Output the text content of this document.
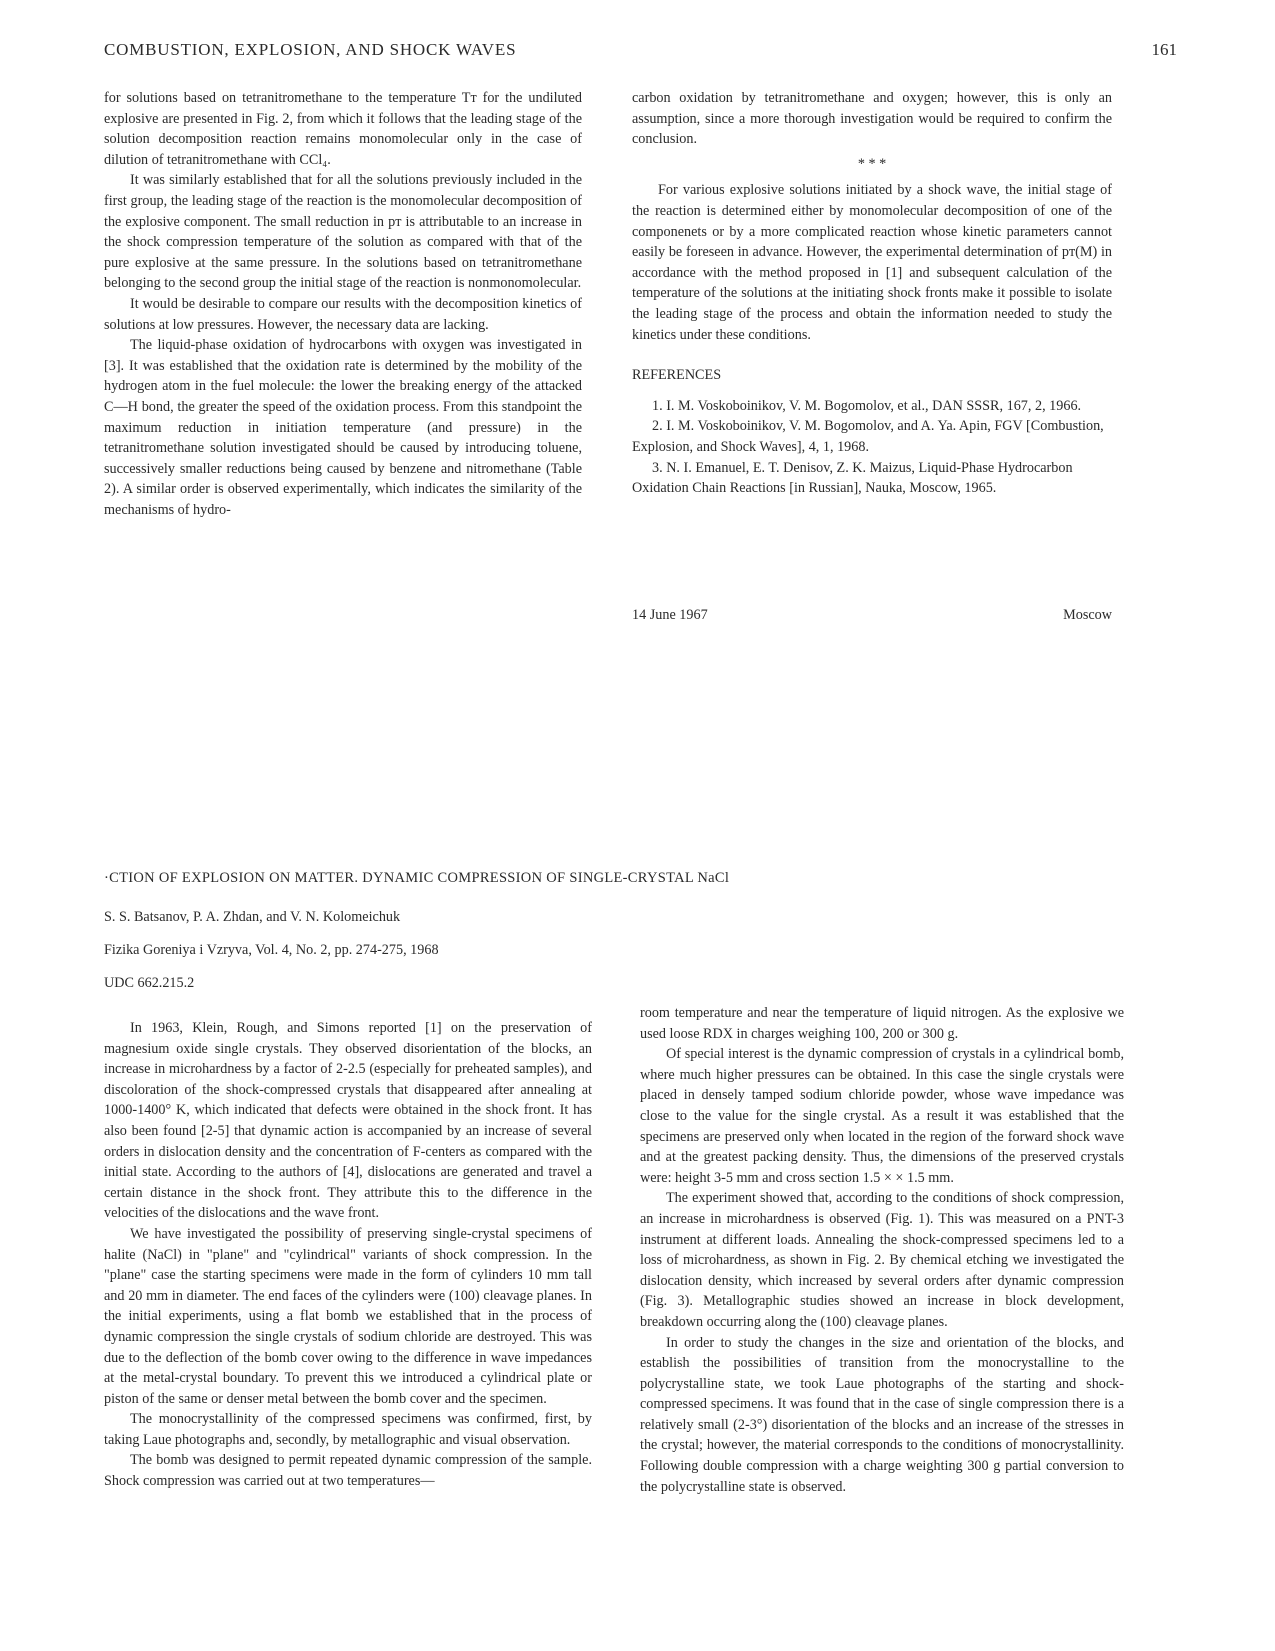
COMBUSTION, EXPLOSION, AND SHOCK WAVES	161

for solutions based on tetranitromethane to the temperature Tᴛ for the undiluted explosive are presented in Fig. 2, from which it follows that the leading stage of the solution decomposition reaction remains monomolecular only in the case of dilution of tetranitromethane with CCl₄.

It was similarly established that for all the solutions previously included in the first group, the leading stage of the reaction is the monomolecular decomposition of the explosive component. The small reduction in pᴛ is attributable to an increase in the shock compression temperature of the solution as compared with that of the pure explosive at the same pressure. In the solutions based on tetranitromethane belonging to the second group the initial stage of the reaction is nonmonomolecular.

It would be desirable to compare our results with the decomposition kinetics of solutions at low pressures. However, the necessary data are lacking.

The liquid-phase oxidation of hydrocarbons with oxygen was investigated in [3]. It was established that the oxidation rate is determined by the mobility of the hydrogen atom in the fuel molecule: the lower the breaking energy of the attacked C—H bond, the greater the speed of the oxidation process. From this standpoint the maximum reduction in initiation temperature (and pressure) in the tetranitromethane solution investigated should be caused by introducing toluene, successively smaller reductions being caused by benzene and nitromethane (Table 2). A similar order is observed experimentally, which indicates the similarity of the mechanisms of hydro-

carbon oxidation by tetranitromethane and oxygen; however, this is only an assumption, since a more thorough investigation would be required to confirm the conclusion.

* * *

For various explosive solutions initiated by a shock wave, the initial stage of the reaction is determined either by monomolecular decomposition of one of the componenets or by a more complicated reaction whose kinetic parameters cannot easily be foreseen in advance. However, the experimental determination of pᴛ(M) in accordance with the method proposed in [1] and subsequent calculation of the temperature of the solutions at the initiating shock fronts make it possible to isolate the leading stage of the process and obtain the information needed to study the kinetics under these conditions.

REFERENCES

1. I. M. Voskoboinikov, V. M. Bogomolov, et al., DAN SSSR, 167, 2, 1966.

2. I. M. Voskoboinikov, V. M. Bogomolov, and A. Ya. Apin, FGV [Combustion, Explosion, and Shock Waves], 4, 1, 1968.

3. N. I. Emanuel, E. T. Denisov, Z. K. Maizus, Liquid-Phase Hydrocarbon Oxidation Chain Reactions [in Russian], Nauka, Moscow, 1965.

14 June 1967	Moscow
·CTION OF EXPLOSION ON MATTER. DYNAMIC COMPRESSION OF SINGLE-CRYSTAL NaCl
S. S. Batsanov, P. A. Zhdan, and V. N. Kolomeichuk
Fizika Goreniya i Vzryva, Vol. 4, No. 2, pp. 274-275, 1968
UDC 662.215.2

In 1963, Klein, Rough, and Simons reported [1] on the preservation of magnesium oxide single crystals. They observed disorientation of the blocks, an increase in microhardness by a factor of 2-2.5 (especially for preheated samples), and discoloration of the shock-compressed crystals that disappeared after annealing at 1000-1400° K, which indicated that defects were obtained in the shock front. It has also been found [2-5] that dynamic action is accompanied by an increase of several orders in dislocation density and the concentration of F-centers as compared with the initial state. According to the authors of [4], dislocations are generated and travel a certain distance in the shock front. They attribute this to the difference in the velocities of the dislocations and the wave front.

We have investigated the possibility of preserving single-crystal specimens of halite (NaCl) in "plane" and "cylindrical" variants of shock compression. In the "plane" case the starting specimens were made in the form of cylinders 10 mm tall and 20 mm in diameter. The end faces of the cylinders were (100) cleavage planes. In the initial experiments, using a flat bomb we established that in the process of dynamic compression the single crystals of sodium chloride are destroyed. This was due to the deflection of the bomb cover owing to the difference in wave impedances at the metal-crystal boundary. To prevent this we introduced a cylindrical plate or piston of the same or denser metal between the bomb cover and the specimen.

The monocrystallinity of the compressed specimens was confirmed, first, by taking Laue photographs and, secondly, by metallographic and visual observation.

The bomb was designed to permit repeated dynamic compression of the sample. Shock compression was carried out at two temperatures—

room temperature and near the temperature of liquid nitrogen. As the explosive we used loose RDX in charges weighing 100, 200 or 300 g.

Of special interest is the dynamic compression of crystals in a cylindrical bomb, where much higher pressures can be obtained. In this case the single crystals were placed in densely tamped sodium chloride powder, whose wave impedance was close to the value for the single crystal. As a result it was established that the specimens are preserved only when located in the region of the forward shock wave and at the greatest packing density. Thus, the dimensions of the preserved crystals were: height 3-5 mm and cross section 1.5 × × 1.5 mm.

The experiment showed that, according to the conditions of shock compression, an increase in microhardness is observed (Fig. 1). This was measured on a PNT-3 instrument at different loads. Annealing the shock-compressed specimens led to a loss of microhardness, as shown in Fig. 2. By chemical etching we investigated the dislocation density, which increased by several orders after dynamic compression (Fig. 3). Metallographic studies showed an increase in block development, breakdown occurring along the (100) cleavage planes.

In order to study the changes in the size and orientation of the blocks, and establish the possibilities of transition from the monocrystalline to the polycrystalline state, we took Laue photographs of the starting and shock-compressed specimens. It was found that in the case of single compression there is a relatively small (2-3°) disorientation of the blocks and an increase of the stresses in the crystal; however, the material corresponds to the conditions of monocrystallinity. Following double compression with a charge weighting 300 g partial conversion to the polycrystalline state is observed.
